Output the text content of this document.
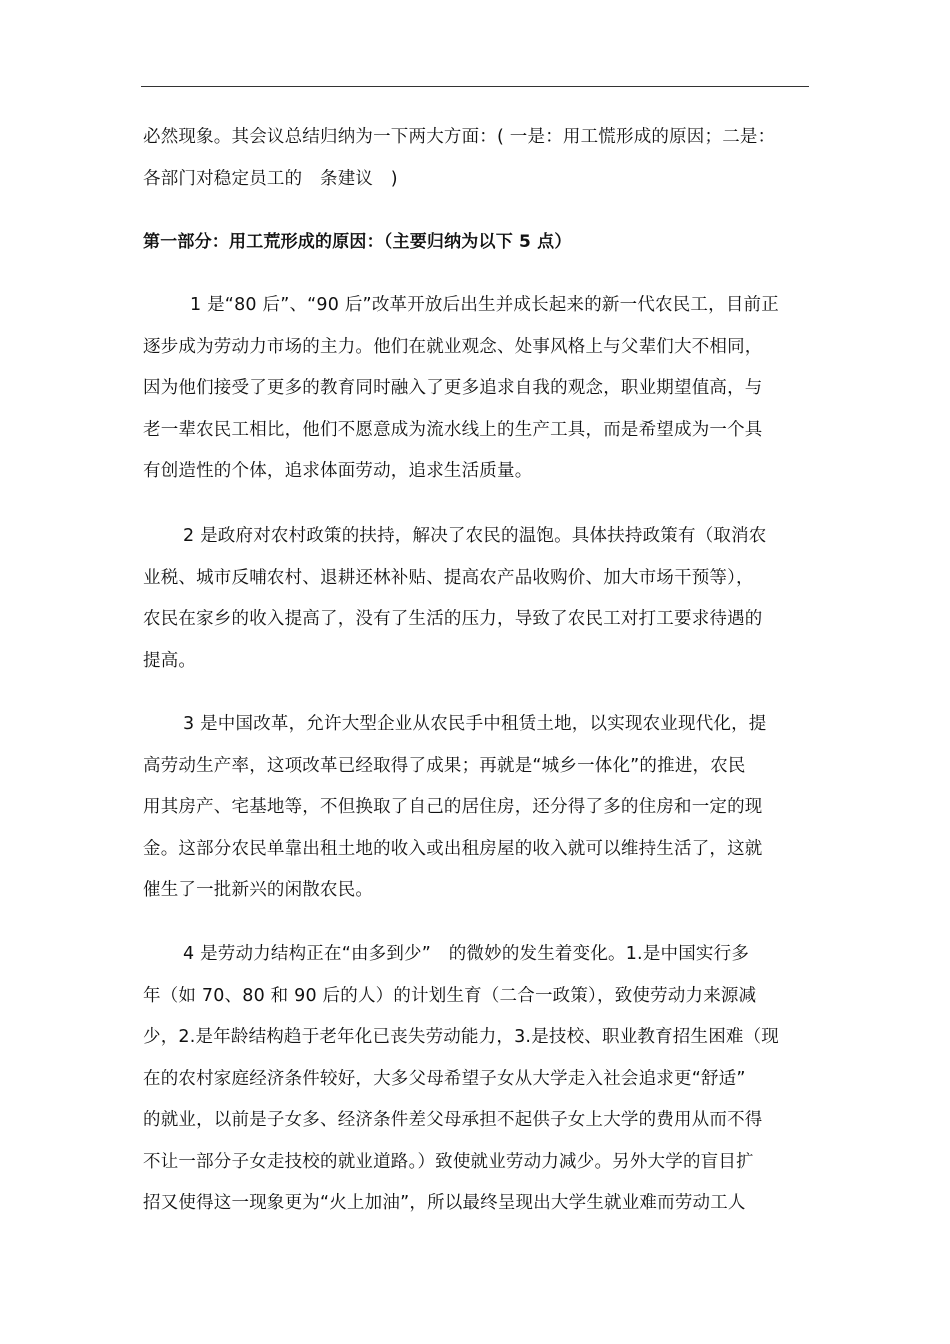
必然现象。其会议总结归纳为一下两大方面：( 一是：用工慌形成的原因；二是：
各部门对稳定员工的　条建议　)
第一部分：用工荒形成的原因：（主要归纳为以下 5 点）
1 是“80 后”、“90 后”改革开放后出生并成长起来的新一代农民工，目前正
逐步成为劳动力市场的主力。他们在就业观念、处事风格上与父辈们大不相同，
因为他们接受了更多的教育同时融入了更多追求自我的观念，职业期望值高，与
老一辈农民工相比，他们不愿意成为流水线上的生产工具，而是希望成为一个具
有创造性的个体，追求体面劳动，追求生活质量。
2 是政府对农村政策的扶持，解决了农民的温饱。具体扶持政策有（取消农
业税、城市反哺农村、退耕还林补贴、提高农产品收购价、加大市场干预等），
农民在家乡的收入提高了，没有了生活的压力，导致了农民工对打工要求待遇的
提高。
3 是中国改革，允许大型企业从农民手中租赁土地，以实现农业现代化，提
高劳动生产率，这项改革已经取得了成果；再就是“城乡一体化”的推进，农民
用其房产、宅基地等，不但换取了自己的居住房，还分得了多的住房和一定的现
金。这部分农民单靠出租土地的收入或出租房屋的收入就可以维持生活了，这就
催生了一批新兴的闲散农民。
4 是劳动力结构正在“由多到少”　的微妙的发生着变化。1.是中国实行多
年（如 70、80 和 90 后的人）的计划生育（二合一政策），致使劳动力来源减
少，2.是年龄结构趋于老年化已丧失劳动能力，3.是技校、职业教育招生困难（现
在的农村家庭经济条件较好，大多父母希望子女从大学走入社会追求更“舒适”
的就业，以前是子女多、经济条件差父母承担不起供子女上大学的费用从而不得
不让一部分子女走技校的就业道路。）致使就业劳动力减少。另外大学的盲目扩
招又使得这一现象更为“火上加油”，所以最终呈现出大学生就业难而劳动工人
